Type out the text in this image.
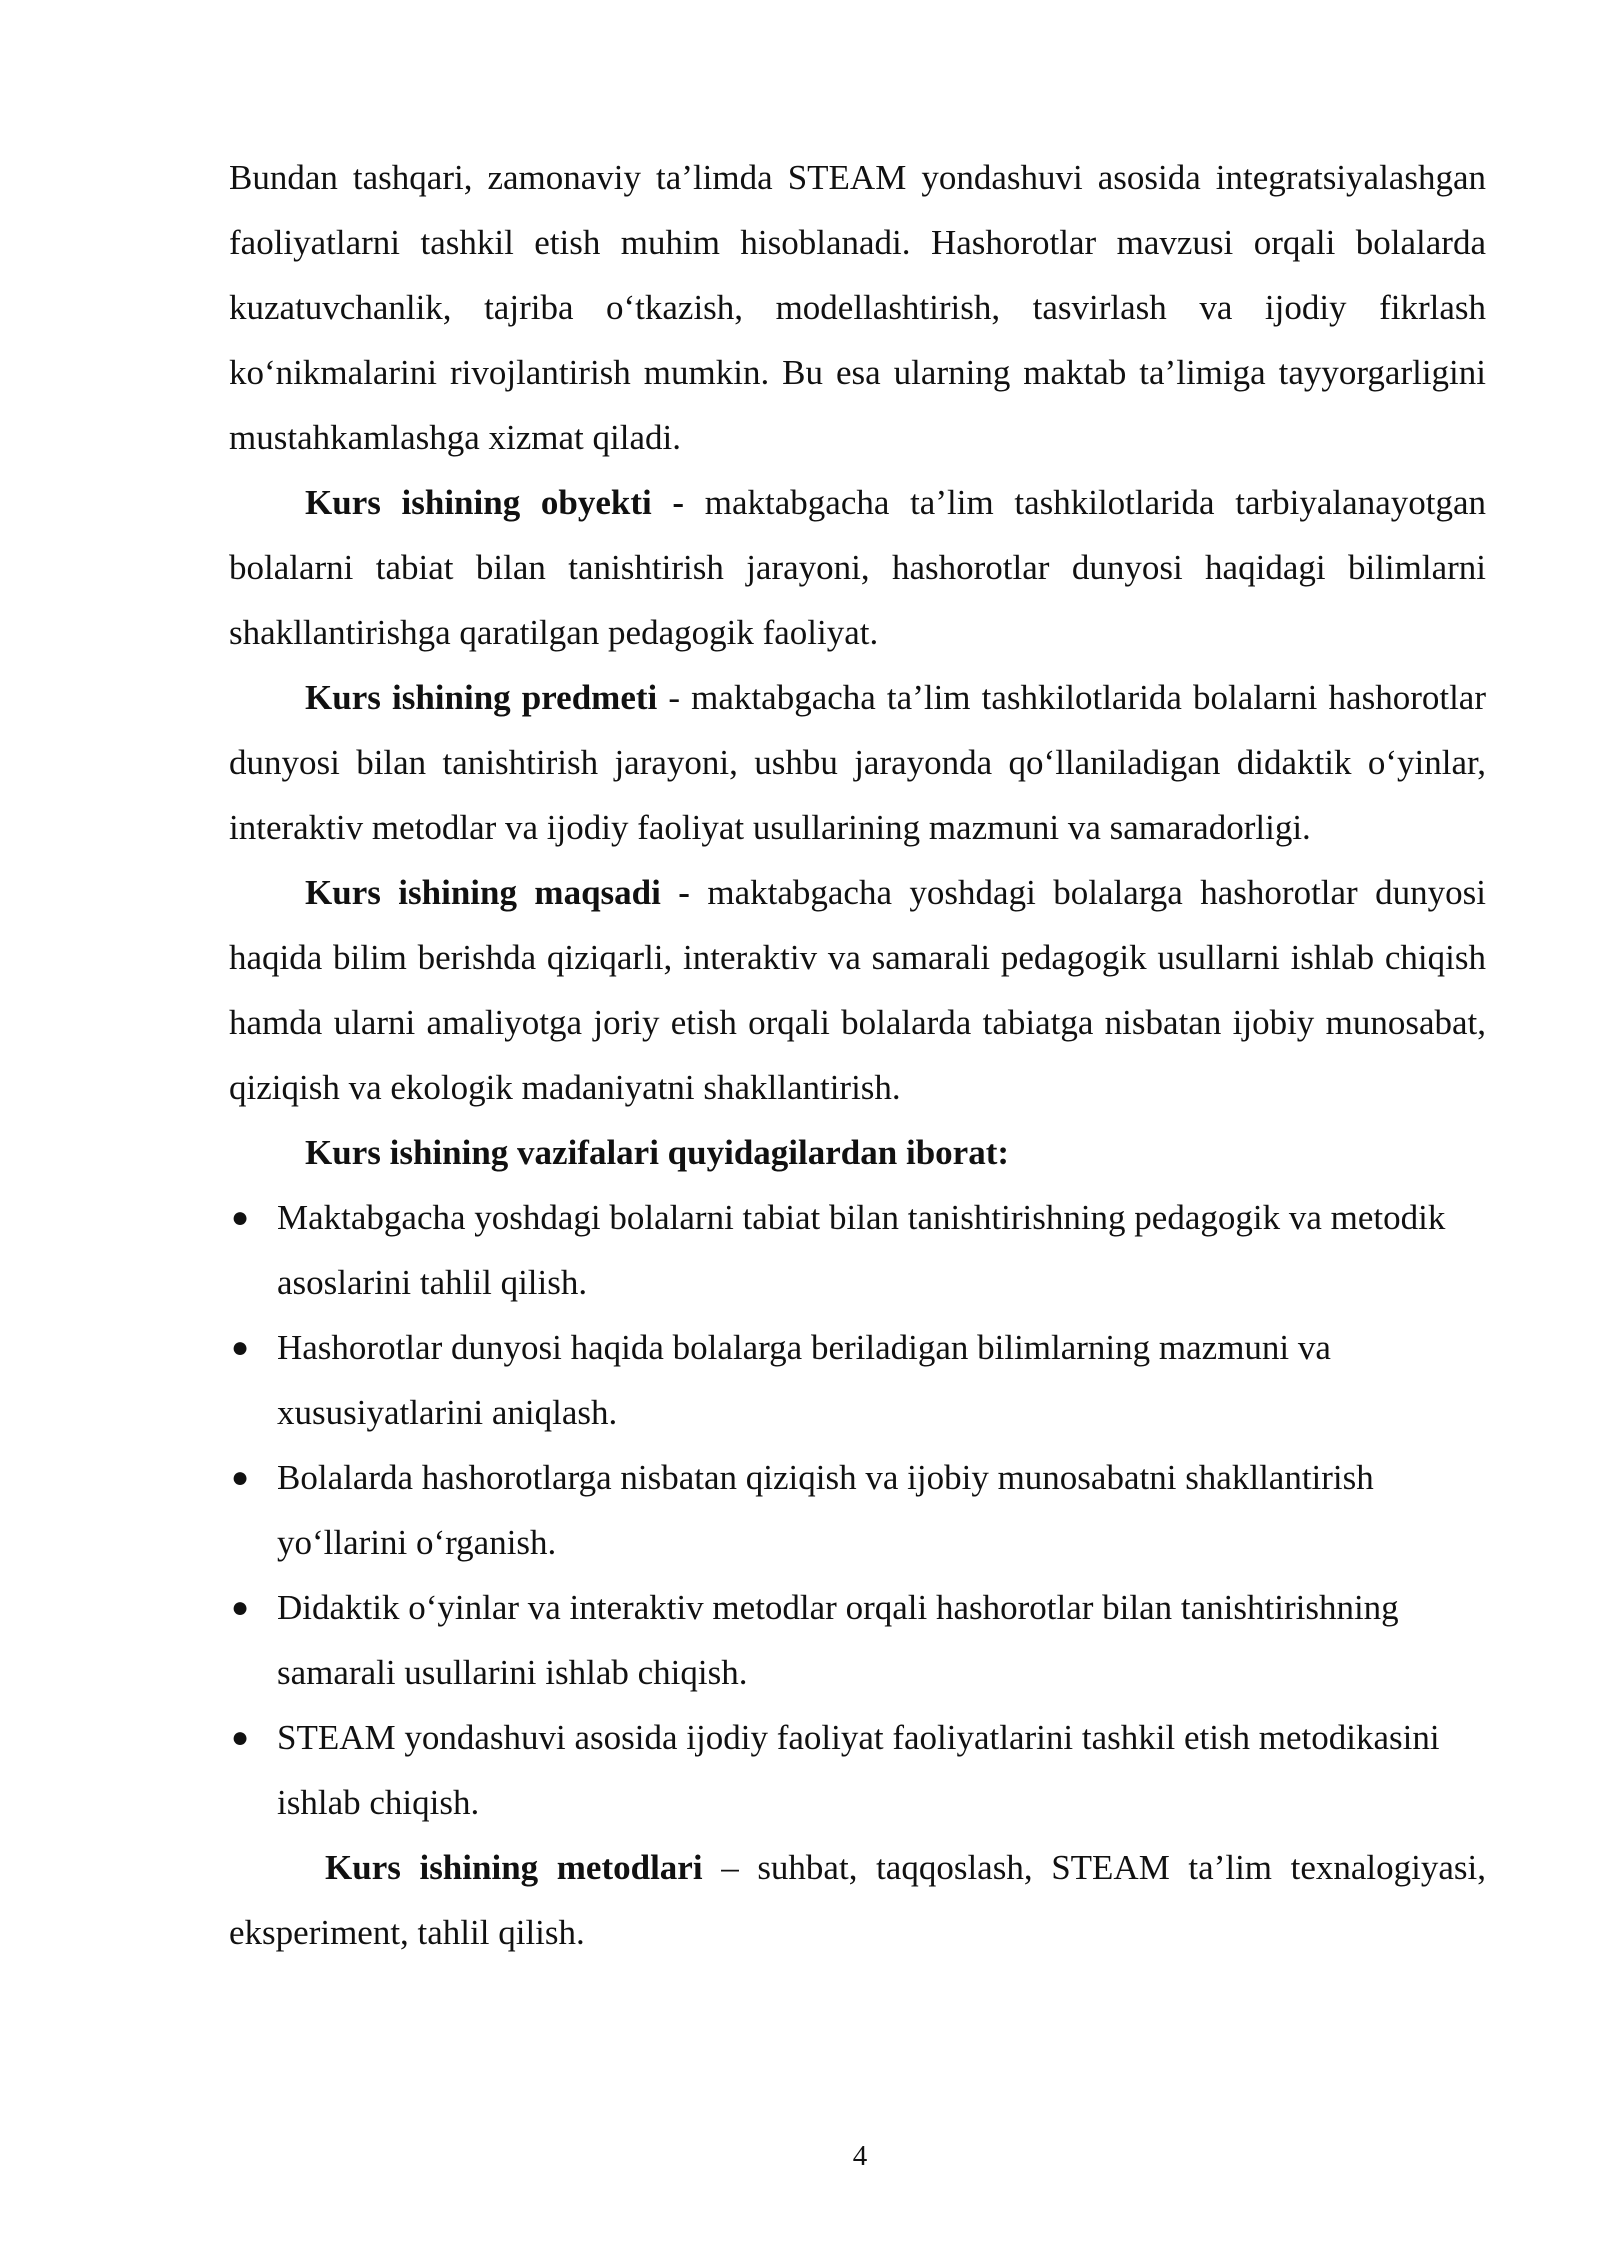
Bundan tashqari, zamonaviy ta’limda STEAM yondashuvi asosida integratsiyalashgan faoliyatlarni tashkil etish muhim hisoblanadi. Hashorotlar mavzusi orqali bolalarda kuzatuvchanlik, tajriba o‘tkazish, modellashtirish, tasvirlash va ijodiy fikrlash ko‘nikmalarini rivojlantirish mumkin. Bu esa ularning maktab ta’limiga tayyorgarligini mustahkamlashga xizmat qiladi.

Kurs ishining obyekti - maktabgacha ta’lim tashkilotlarida tarbiyalanayotgan bolalarni tabiat bilan tanishtirish jarayoni, hashorotlar dunyosi haqidagi bilimlarni shakllantirishga qaratilgan pedagogik faoliyat.

Kurs ishining predmeti - maktabgacha ta’lim tashkilotlarida bolalarni hashorotlar dunyosi bilan tanishtirish jarayoni, ushbu jarayonda qo‘llaniladigan didaktik o‘yinlar, interaktiv metodlar va ijodiy faoliyat usullarining mazmuni va samaradorligi.

Kurs ishining maqsadi - maktabgacha yoshdagi bolalarga hashorotlar dunyosi haqida bilim berishda qiziqarli, interaktiv va samarali pedagogik usullarni ishlab chiqish hamda ularni amaliyotga joriy etish orqali bolalarda tabiatga nisbatan ijobiy munosabat, qiziqish va ekologik madaniyatni shakllantirish.

Kurs ishining vazifalari quyidagilardan iborat:

● Maktabgacha yoshdagi bolalarni tabiat bilan tanishtirishning pedagogik va metodik asoslarini tahlil qilish.
● Hashorotlar dunyosi haqida bolalarga beriladigan bilimlarning mazmuni va xususiyatlarini aniqlash.
● Bolalarda hashorotlarga nisbatan qiziqish va ijobiy munosabatni shakllantirish yo‘llarini o‘rganish.
● Didaktik o‘yinlar va interaktiv metodlar orqali hashorotlar bilan tanishtirishning samarali usullarini ishlab chiqish.
● STEAM yondashuvi asosida ijodiy faoliyat faoliyatlarini tashkil etish metodikasini ishlab chiqish.

Kurs ishining metodlari – suhbat, taqqoslash, STEAM ta’lim texnalogiyasi, eksperiment, tahlil qilish.

4
